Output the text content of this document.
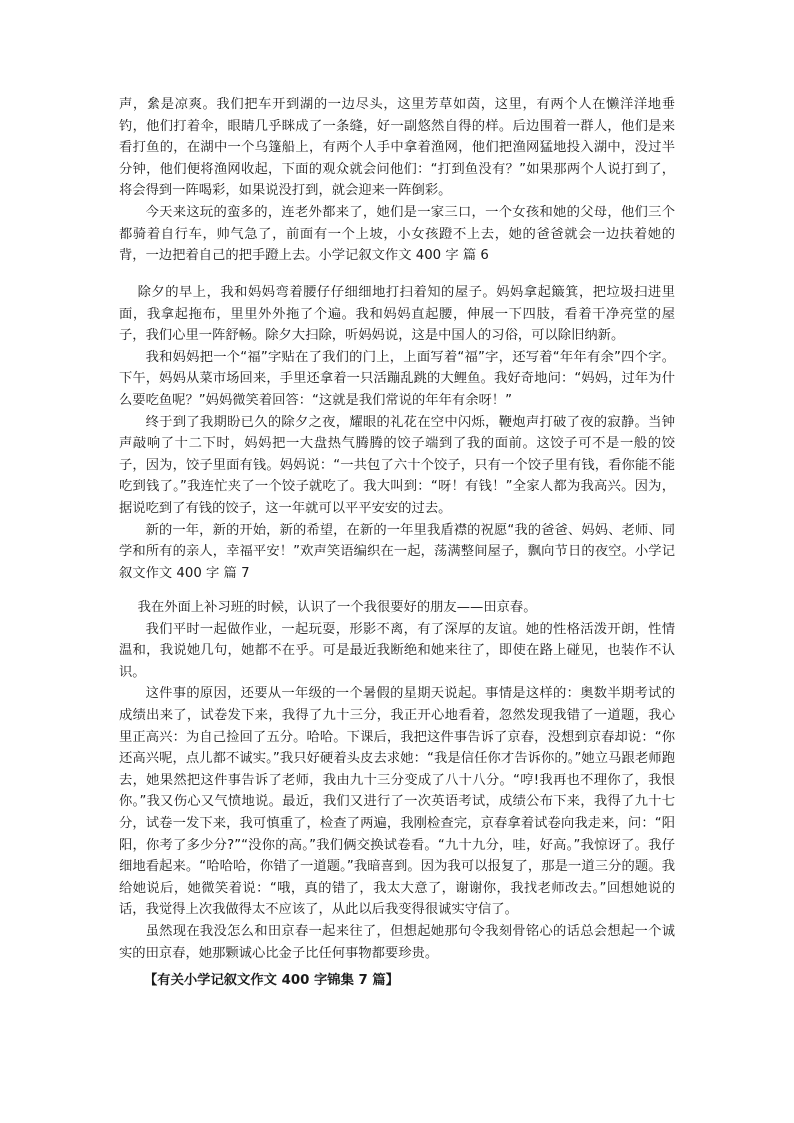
声，絫是凉爽。我们把车开到湖的一边尽头，这里芳草如茵，这里，有两个人在懒洋洋地垂钓，他们打着伞，眼睛几乎眯成了一条缝，好一副悠然自得的样。后边围着一群人，他们是来看打鱼的，在湖中一个乌篷船上，有两个人手中拿着渔网，他们把渔网猛地投入湖中，没过半分钟，他们便将渔网收起，下面的观众就会问他们：“打到鱼没有？”如果那两个人说打到了，将会得到一阵喝彩，如果说没打到，就会迎来一阵倒彩。

今天来这玩的蛮多的，连老外都来了，她们是一家三口，一个女孩和她的父母，他们三个都骑着自行车，帅气急了，前面有一个上坡，小女孩蹬不上去，她的爸爸就会一边扶着她的背，一边把着自己的把手蹬上去。小学记叙文作文 400 字 篇 6

除夕的早上，我和妈妈弯着腰仔仔细细地打扫着知的屋子。妈妈拿起簸箕，把垃圾扫进里面，我拿起拖布，里里外外拖了个遍。我和妈妈直起腰，伸展一下四肢，看着干净亮堂的屋子，我们心里一阵舒畅。除夕大扫除，听妈妈说，这是中国人的习俗，可以除旧纳新。

我和妈妈把一个“福”字贴在了我们的门上，上面写着“福”字，还写着“年年有余”四个字。下午，妈妈从菜市场回来，手里还拿着一只活蹦乱跳的大鲤鱼。我好奇地问：“妈妈，过年为什么要吃鱼呢？”妈妈微笑着回答：“这就是我们常说的年年有余呀！”

终于到了我期盼已久的除夕之夜，耀眼的礼花在空中闪烁，鞭炮声打破了夜的寂静。当钟声敲响了十二下时，妈妈把一大盘热气腾腾的饺子端到了我的面前。这饺子可不是一般的饺子，因为，饺子里面有钱。妈妈说：“一共包了六十个饺子，只有一个饺子里有钱，看你能不能吃到钱了。”我连忙夹了一个饺子就吃了。我大叫到：“呀！有钱！”全家人都为我高兴。因为，据说吃到了有钱的饺子，这一年就可以平平安安的过去。

新的一年，新的开始，新的希望，在新的一年里我盾襟的祝愿“我的爸爸、妈妈、老师、同学和所有的亲人，幸福平安！”欢声笑语编织在一起，荡满整间屋子，飘向节日的夜空。小学记叙文作文 400 字 篇 7

我在外面上补习班的时候，认识了一个我很要好的朋友——田京春。

我们平时一起做作业，一起玩耍，形影不离，有了深厚的友谊。她的性格活泼开朗，性情温和，我说她几句，她都不在乎。可是最近我断绝和她来往了，即使在路上碰见，也装作不认识。

这件事的原因，还要从一年级的一个暑假的星期天说起。事情是这样的：奥数半期考试的成绩出来了，试卷发下来，我得了九十三分，我正开心地看着，忽然发现我错了一道题，我心里正高兴：为自己捡回了五分。哈哈。下课后，我把这件事告诉了京春，没想到京春却说：“你还高兴呢，点儿都不诚实。”我只好硬着头皮去求她：“我是信任你才告诉你的。”她立马跟老师跑去，她果然把这件事告诉了老师，我由九十三分变成了八十八分。“哼!我再也不理你了，我恨你。”我又伤心又气愤地说。最近，我们又进行了一次英语考试，成绩公布下来，我得了九十七分，试卷一发下来，我可慎重了，检查了两遍，我刚检查完，京春拿着试卷向我走来，问：“阳阳，你考了多少分?”“没你的高。”我们俩交换试卷看。“九十九分，哇，好高。”我惊讶了。我仔细地看起来。“哈哈哈，你错了一道题。”我暗喜到。因为我可以报复了，那是一道三分的题。我给她说后，她微笑着说：“哦，真的错了，我太大意了，谢谢你，我找老师改去。”回想她说的话，我觉得上次我做得太不应该了，从此以后我变得很诚实守信了。

虽然现在我没怎么和田京春一起来往了，但想起她那句令我刻骨铭心的话总会想起一个诚实的田京春，她那颗诚心比金子比任何事物都要珍贵。

【有关小学记叙文作文 400 字锦集 7 篇】
